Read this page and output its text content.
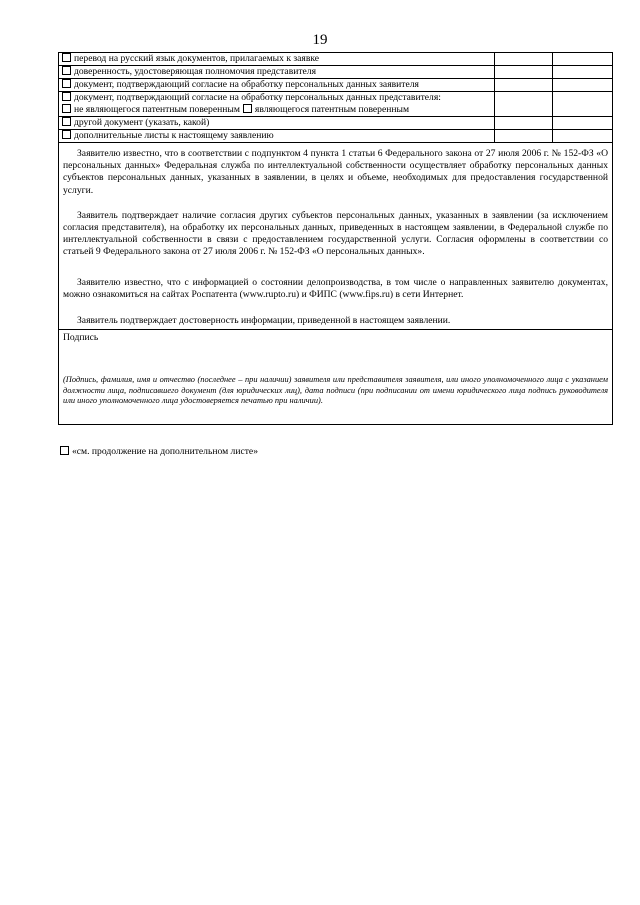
19
перевод на русский язык документов, прилагаемых к заявке		
доверенность, удостоверяющая полномочия представителя		
документ, подтверждающий согласие на обработку персональных данных заявителя		

документ, подтверждающий согласие на обработку персональных данных представителя:
не являющегося патентным поверенным являющегося патентным поверенным		

другой документ (указать, какой)		
дополнительные листы к настоящему заявлению		

Заявителю известно, что в соответствии с подпунктом 4 пункта 1 статьи 6 Федерального закона от 27 июля 2006 г. № 152-ФЗ «О персональных данных» Федеральная служба по интеллектуальной собственности осуществляет обработку персональных данных субъектов персональных данных, указанных в заявлении, в целях и объеме, необходимых для предоставления государственной услуги.

Заявитель подтверждает наличие согласия других субъектов персональных данных, указанных в заявлении (за исключением согласия представителя), на обработку их персональных данных, приведенных в настоящем заявлении, в Федеральной службе по интеллектуальной собственности в связи с предоставлением государственной услуги. Согласия оформлены в соответствии со статьей 9 Федерального закона от 27 июля 2006 г. № 152-ФЗ «О персональных данных».

Заявителю известно, что с информацией о состоянии делопроизводства, в том числе о направленных заявителю документах, можно ознакомиться на сайтах Роспатента (www.rupto.ru) и ФИПС (www.fips.ru) в сети Интернет.

Заявитель подтверждает достоверность информации, приведенной в настоящем заявлении.		

Подпись
(Подпись, фамилия, имя и отчество (последнее – при наличии) заявителя или представителя заявителя, или иного уполномоченного лица с указанием должности лица, подписавшего документ (для юридических лиц), дата подписи (при подписании от имени юридического лица подпись руководителя или иного уполномоченного лица удостоверяется печатью при наличии).		
«см. продолжение на дополнительном листе»
